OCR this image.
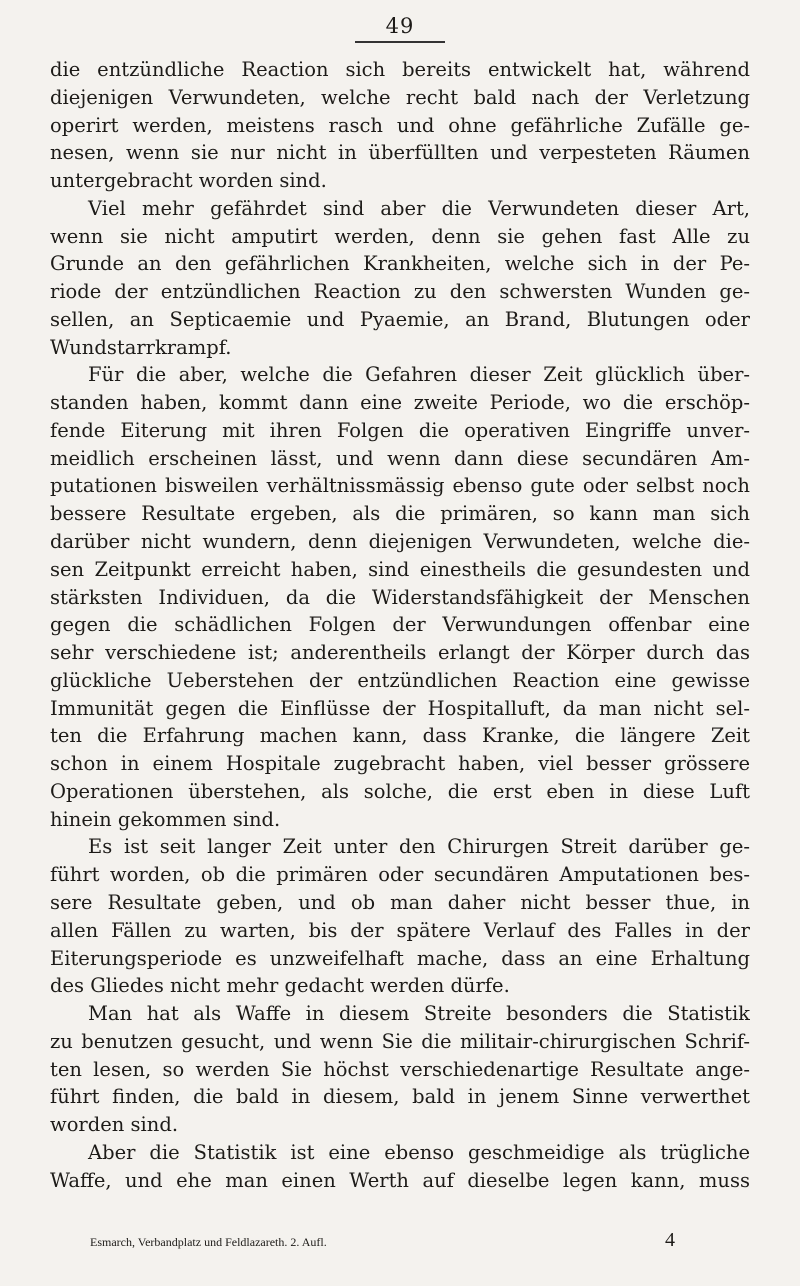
49
die entzündliche Reaction sich bereits entwickelt hat, während
diejenigen Verwundeten, welche recht bald nach der Verletzung
operirt werden, meistens rasch und ohne gefährliche Zufälle ge-
nesen, wenn sie nur nicht in überfüllten und verpesteten Räumen
untergebracht worden sind.
Viel mehr gefährdet sind aber die Verwundeten dieser Art,
wenn sie nicht amputirt werden, denn sie gehen fast Alle zu
Grunde an den gefährlichen Krankheiten, welche sich in der Pe-
riode der entzündlichen Reaction zu den schwersten Wunden ge-
sellen, an Septicaemie und Pyaemie, an Brand, Blutungen oder
Wundstarrkrampf.
Für die aber, welche die Gefahren dieser Zeit glücklich über-
standen haben, kommt dann eine zweite Periode, wo die erschöp-
fende Eiterung mit ihren Folgen die operativen Eingriffe unver-
meidlich erscheinen lässt, und wenn dann diese secundären Am-
putationen bisweilen verhältnissmässig ebenso gute oder selbst noch
bessere Resultate ergeben, als die primären, so kann man sich
darüber nicht wundern, denn diejenigen Verwundeten, welche die-
sen Zeitpunkt erreicht haben, sind einestheils die gesundesten und
stärksten Individuen, da die Widerstandsfähigkeit der Menschen
gegen die schädlichen Folgen der Verwundungen offenbar eine
sehr verschiedene ist; anderentheils erlangt der Körper durch das
glückliche Ueberstehen der entzündlichen Reaction eine gewisse
Immunität gegen die Einflüsse der Hospitalluft, da man nicht sel-
ten die Erfahrung machen kann, dass Kranke, die längere Zeit
schon in einem Hospitale zugebracht haben, viel besser grössere
Operationen überstehen, als solche, die erst eben in diese Luft
hinein gekommen sind.
Es ist seit langer Zeit unter den Chirurgen Streit darüber ge-
führt worden, ob die primären oder secundären Amputationen bes-
sere Resultate geben, und ob man daher nicht besser thue, in
allen Fällen zu warten, bis der spätere Verlauf des Falles in der
Eiterungsperiode es unzweifelhaft mache, dass an eine Erhaltung
des Gliedes nicht mehr gedacht werden dürfe.
Man hat als Waffe in diesem Streite besonders die Statistik
zu benutzen gesucht, und wenn Sie die militair-chirurgischen Schrif-
ten lesen, so werden Sie höchst verschiedenartige Resultate ange-
führt finden, die bald in diesem, bald in jenem Sinne verwerthet
worden sind.
Aber die Statistik ist eine ebenso geschmeidige als trügliche
Waffe, und ehe man einen Werth auf dieselbe legen kann, muss
Esmarch, Verbandplatz und Feldlazareth. 2. Aufl.	4
